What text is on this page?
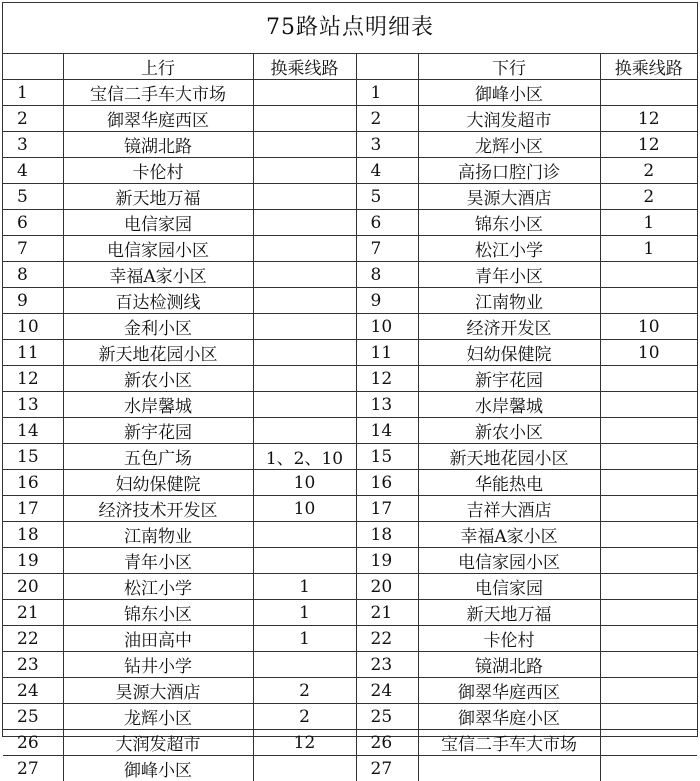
75路站点明细表
	上行	换乘线路		下行	换乘线路
1	宝信二手车大市场		1	御峰小区	
2	御翠华庭西区		2	大润发超市	12
3	镜湖北路		3	龙辉小区	12
4	卡伦村		4	高扬口腔门诊	2
5	新天地万福		5	昊源大酒店	2
6	电信家园		6	锦东小区	1
7	电信家园小区		7	松江小学	1
8	幸福A家小区		8	青年小区	
9	百达检测线		9	江南物业	
10	金利小区		10	经济开发区	10
11	新天地花园小区		11	妇幼保健院	10
12	新农小区		12	新宇花园	
13	水岸馨城		13	水岸馨城	
14	新宇花园		14	新农小区	
15	五色广场	1、2、10	15	新天地花园小区	
16	妇幼保健院	10	16	华能热电	
17	经济技术开发区	10	17	吉祥大酒店	
18	江南物业		18	幸福A家小区	
19	青年小区		19	电信家园小区	
20	松江小学	1	20	电信家园	
21	锦东小区	1	21	新天地万福	
22	油田高中	1	22	卡伦村	
23	钻井小学		23	镜湖北路	
24	昊源大酒店	2	24	御翠华庭西区	
25	龙辉小区	2	25	御翠华庭小区	
26	大润发超市	12	26	宝信二手车大市场	
27	御峰小区		27		
